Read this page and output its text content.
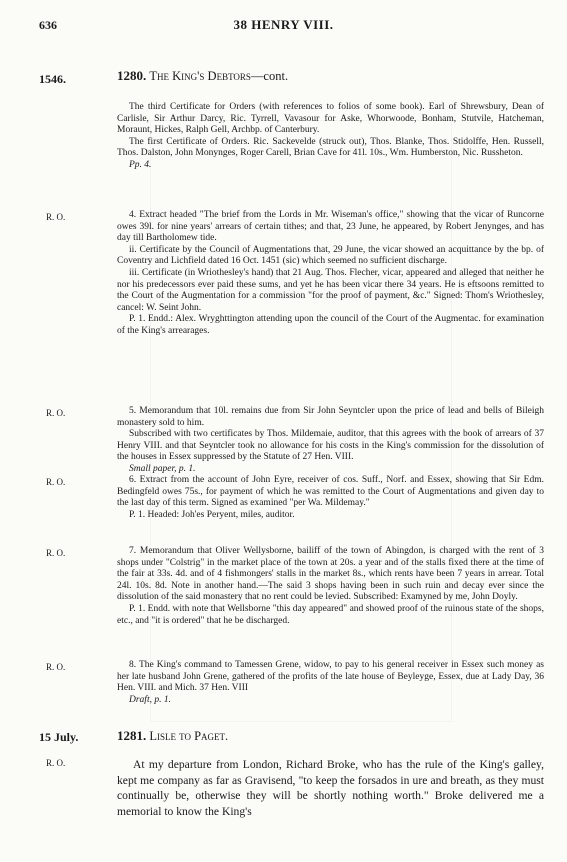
636	38 HENRY VIII.
1546.	1280. The King's Debtors—cont.

The third Certificate for Orders (with references to folios of some book). Earl of Shrewsbury, Dean of Carlisle, Sir Arthur Darcy, Ric. Tyrrell, Vavasour for Aske, Whorwoode, Bonham, Stutvile, Hatcheman, Moraunt, Hickes, Ralph Gell, Archbp. of Canterbury.

The first Certificate of Orders. Ric. Sackevelde (struck out), Thos. Blanke, Thos. Stidolffe, Hen. Russell, Thos. Dalston, John Monynges, Roger Carell, Brian Cave for 41l. 10s., Wm. Humberston, Nic. Russheton.

Pp. 4.

R. O.	4. Extract headed "The brief from the Lords in Mr. Wiseman's office," showing that the vicar of Runcorne owes 39l. for nine years' arrears of certain tithes; and that, 23 June, he appeared, by Robert Jenynges, and has day till Bartholomew tide.

ii. Certificate by the Council of Augmentations that, 29 June, the vicar showed an acquittance by the bp. of Coventry and Lichfield dated 16 Oct. 1451 (sic) which seemed no sufficient discharge.

iii. Certificate (in Wriothesley's hand) that 21 Aug. Thos. Flecher, vicar, appeared and alleged that neither he nor his predecessors ever paid these sums, and yet he has been vicar there 34 years. He is eftsoons remitted to the Court of the Augmentation for a commission "for the proof of payment, &c." Signed: Thom's Wriothesley, cancel: W. Seint John.

P. 1. Endd.: Alex. Wryghttington attending upon the council of the Court of the Augmentac. for examination of the King's arrearages.

R. O.	5. Memorandum that 10l. remains due from Sir John Seyntcler upon the price of lead and bells of Bileigh monastery sold to him.

Subscribed with two certificates by Thos. Mildemaie, auditor, that this agrees with the book of arrears of 37 Henry VIII. and that Seyntcler took no allowance for his costs in the King's commission for the dissolution of the houses in Essex suppressed by the Statute of 27 Hen. VIII.

Small paper, p. 1.

R. O.	6. Extract from the account of John Eyre, receiver of cos. Suff., Norf. and Essex, showing that Sir Edm. Bedingfeld owes 75s., for payment of which he was remitted to the Court of Augmentations and given day to the last day of this term. Signed as examined "per Wa. Mildemay."

P. 1. Headed: Joh'es Peryent, miles, auditor.

R. O.	7. Memorandum that Oliver Wellysborne, bailiff of the town of Abingdon, is charged with the rent of 3 shops under "Colstrig" in the market place of the town at 20s. a year and of the stalls fixed there at the time of the fair at 33s. 4d. and of 4 fishmongers' stalls in the market 8s., which rents have been 7 years in arrear. Total 24l. 10s. 8d. Note in another hand.—The said 3 shops having been in such ruin and decay ever since the dissolution of the said monastery that no rent could be levied. Subscribed: Examyned by me, John Doyly.

P. 1. Endd. with note that Wellsborne "this day appeared" and showed proof of the ruinous state of the shops, etc., and "it is ordered" that he be discharged.

R. O.	8. The King's command to Tamessen Grene, widow, to pay to his general receiver in Essex such money as her late husband John Grene, gathered of the profits of the late house of Beyleyge, Essex, due at Lady Day, 36 Hen. VIII. and Mich. 37 Hen. VIII

Draft, p. 1.

15 July.	1281. Lisle to Paget.
R. O.	At my departure from London, Richard Broke, who has the rule of the King's galley, kept me company as far as Gravisend, "to keep the forsados in ure and breath, as they must continually be, otherwise they will be shortly nothing worth." Broke delivered me a memorial to know the King's
